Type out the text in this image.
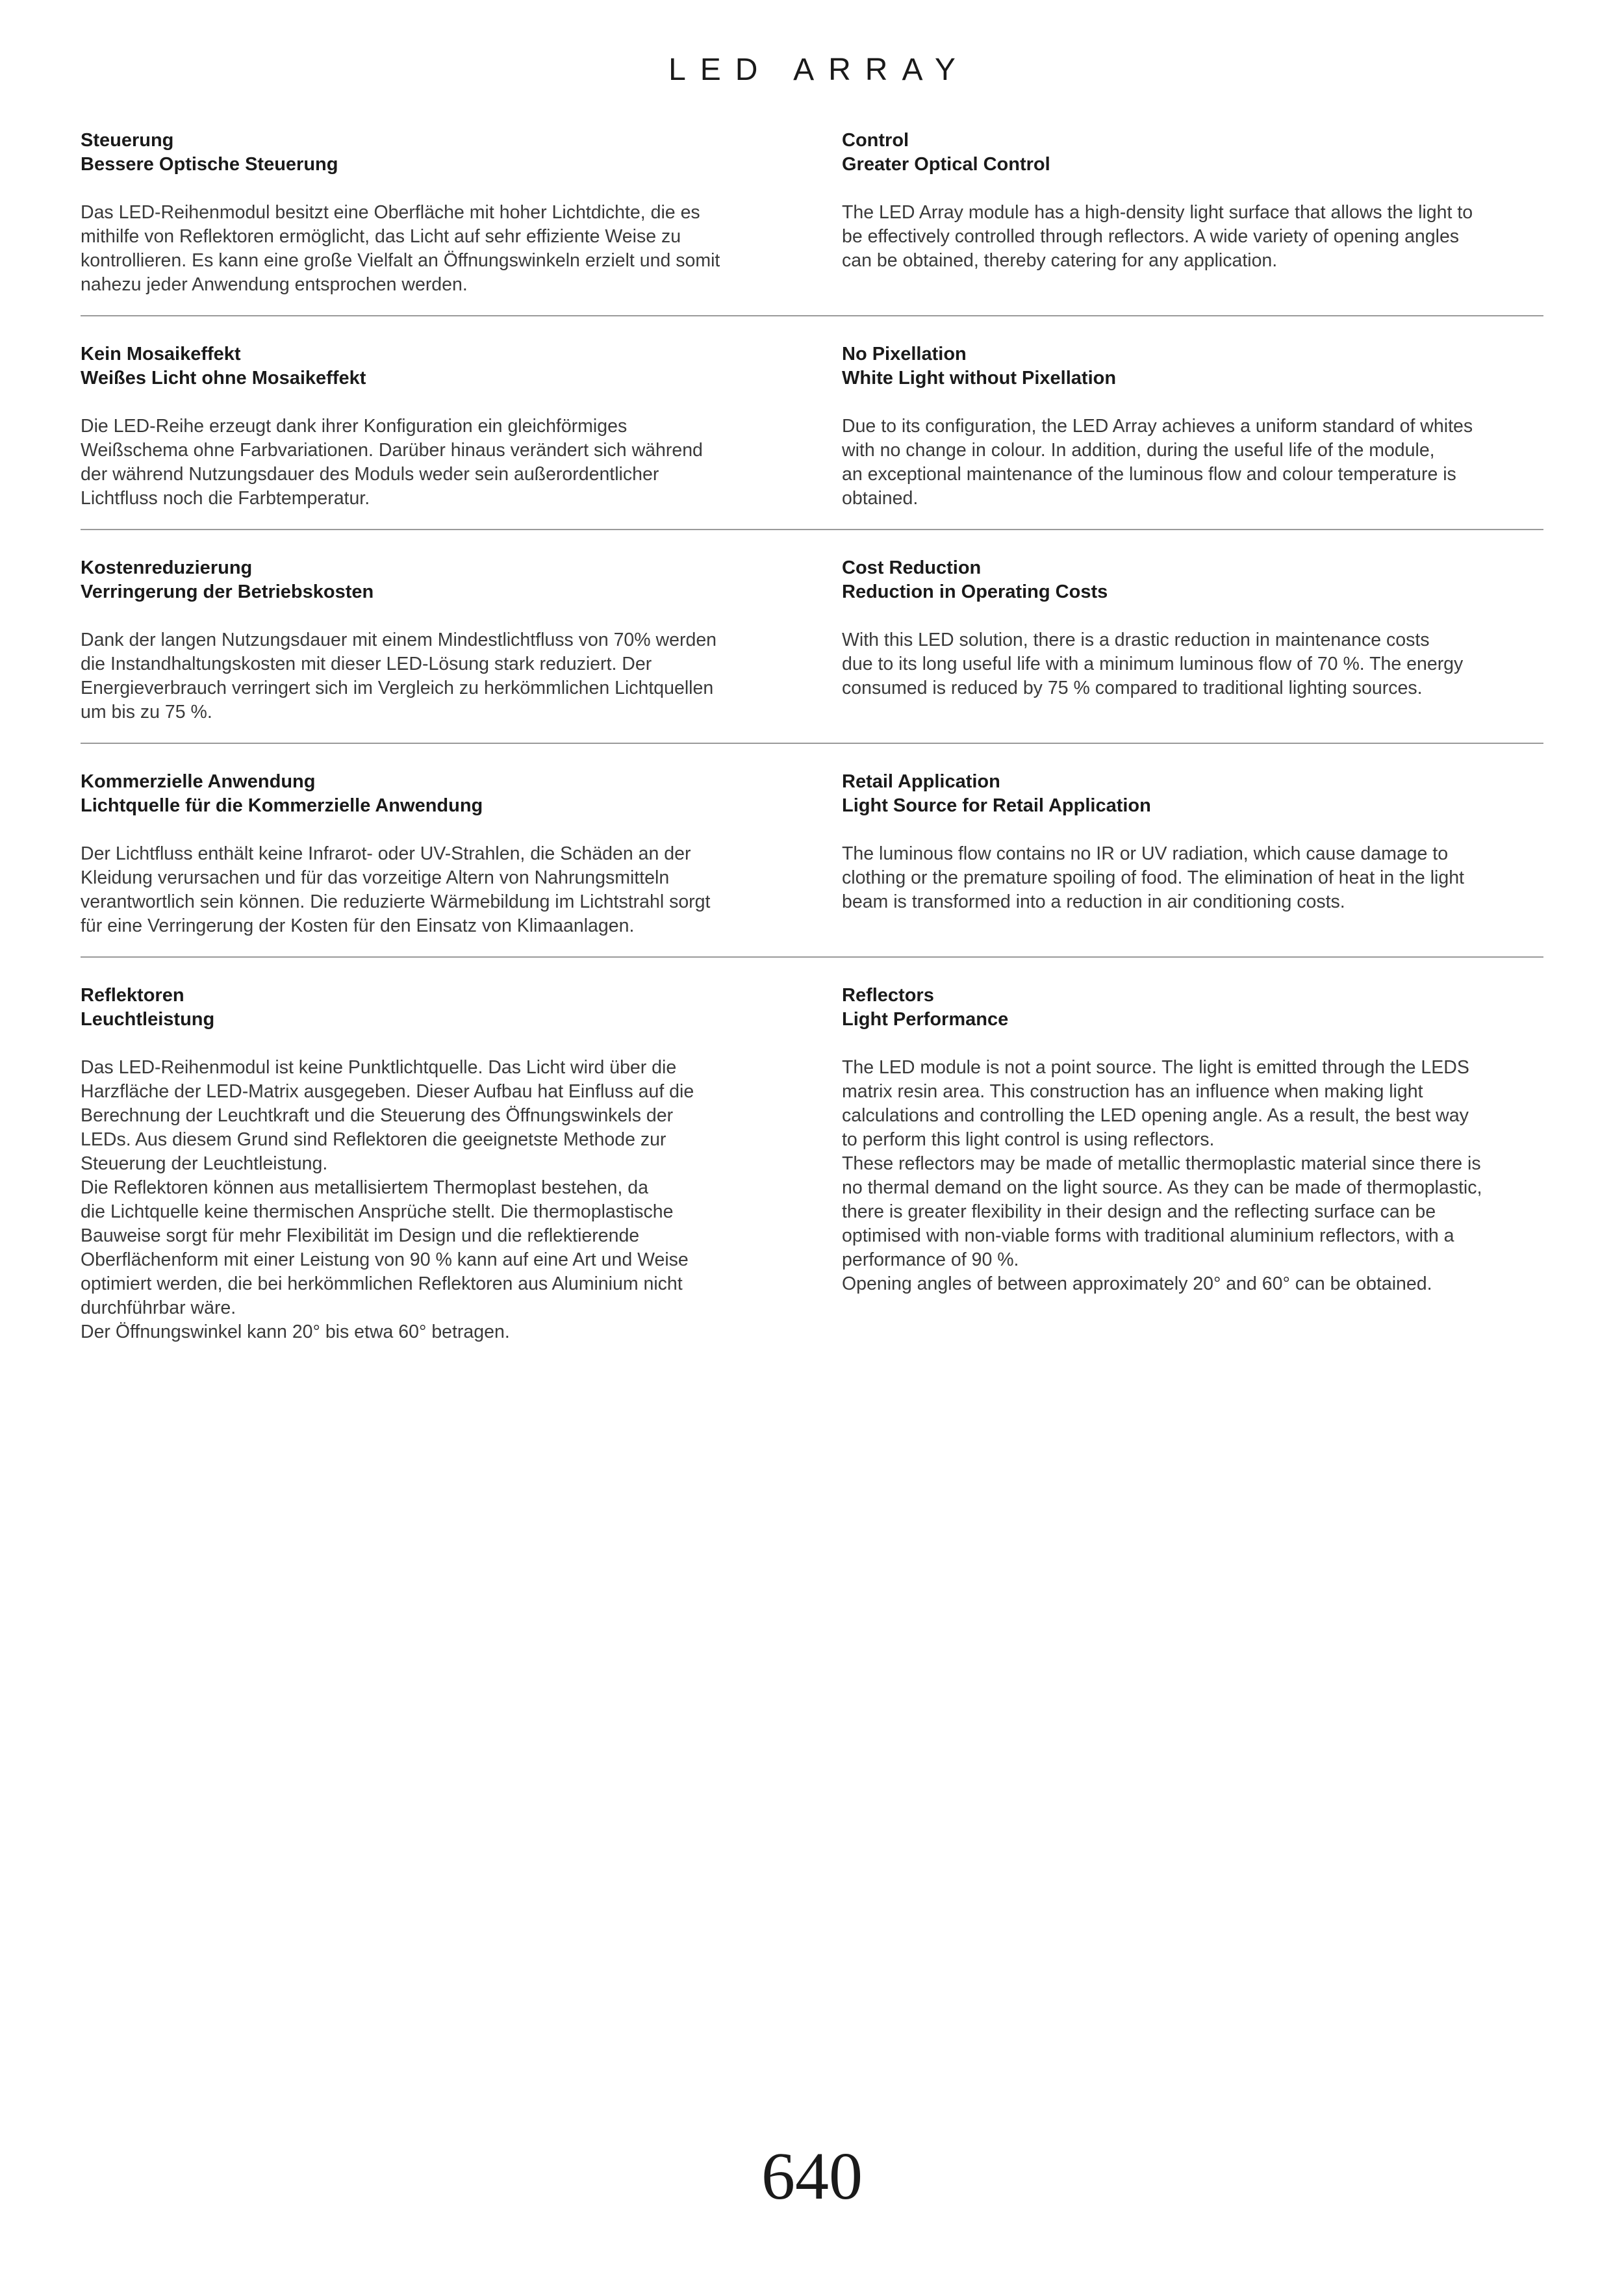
LED ARRAY
Steuerung
Bessere Optische Steuerung
Das LED-Reihenmodul besitzt eine Oberfläche mit hoher Lichtdichte, die es
mithilfe von Reflektoren ermöglicht, das Licht auf sehr effiziente Weise zu
kontrollieren. Es kann eine große Vielfalt an Öffnungswinkeln erzielt und somit
nahezu jeder Anwendung entsprochen werden.
Control
Greater Optical Control
The LED Array module has a high-density light surface that allows the light to
be effectively controlled through reflectors. A wide variety of opening angles
can be obtained, thereby catering for any application.
Kein Mosaikeffekt
Weißes Licht ohne Mosaikeffekt
Die LED-Reihe erzeugt dank ihrer Konfiguration ein gleichförmiges
Weißschema ohne Farbvariationen. Darüber hinaus verändert sich während
der während Nutzungsdauer des Moduls weder sein außerordentlicher
Lichtfluss noch die Farbtemperatur.
No Pixellation
White Light without Pixellation
Due to its configuration, the LED Array achieves a uniform standard of whites
with no change in colour. In addition, during the useful life of the module,
an exceptional maintenance of the luminous flow and colour temperature is
obtained.
Kostenreduzierung
Verringerung der Betriebskosten
Dank der langen Nutzungsdauer mit einem Mindestlichtfluss von 70% werden
die Instandhaltungskosten mit dieser LED-Lösung stark reduziert. Der
Energieverbrauch verringert sich im Vergleich zu herkömmlichen Lichtquellen
um bis zu 75 %.
Cost Reduction
Reduction in Operating Costs
With this LED solution, there is a drastic reduction in maintenance costs
due to its long useful life with a minimum luminous flow of 70 %. The energy
consumed is reduced by 75 % compared to traditional lighting sources.
Kommerzielle Anwendung
Lichtquelle für die Kommerzielle Anwendung
Der Lichtfluss enthält keine Infrarot- oder UV-Strahlen, die Schäden an der
Kleidung verursachen und für das vorzeitige Altern von Nahrungsmitteln
verantwortlich sein können. Die reduzierte Wärmebildung im Lichtstrahl sorgt
für eine Verringerung der Kosten für den Einsatz von Klimaanlagen.
Retail Application
Light Source for Retail Application
The luminous flow contains no IR or UV radiation, which cause damage to
clothing or the premature spoiling of food. The elimination of heat in the light
beam is transformed into a reduction in air conditioning costs.
Reflektoren
Leuchtleistung
Das LED-Reihenmodul ist keine Punktlichtquelle. Das Licht wird über die
Harzfläche der LED-Matrix ausgegeben. Dieser Aufbau hat Einfluss auf die
Berechnung der Leuchtkraft und die Steuerung des Öffnungswinkels der
LEDs. Aus diesem Grund sind Reflektoren die geeignetste Methode zur
Steuerung der Leuchtleistung.
Die Reflektoren können aus metallisiertem Thermoplast bestehen, da
die Lichtquelle keine thermischen Ansprüche stellt. Die thermoplastische
Bauweise sorgt für mehr Flexibilität im Design und die reflektierende
Oberflächenform mit einer Leistung von 90 % kann auf eine Art und Weise
optimiert werden, die bei herkömmlichen Reflektoren aus Aluminium nicht
durchführbar wäre.
Der Öffnungswinkel kann 20° bis etwa 60° betragen.
Reflectors
Light Performance
The LED module is not a point source. The light is emitted through the LEDS
matrix resin area. This construction has an influence when making light
calculations and controlling the LED opening angle. As a result, the best way
to perform this light control is using reflectors.
These reflectors may be made of metallic thermoplastic material since there is
no thermal demand on the light source. As they can be made of thermoplastic,
there is greater flexibility in their design and the reflecting surface can be
optimised with non-viable forms with traditional aluminium reflectors, with a
performance of 90 %.
Opening angles of between approximately 20° and 60° can be obtained.
640
